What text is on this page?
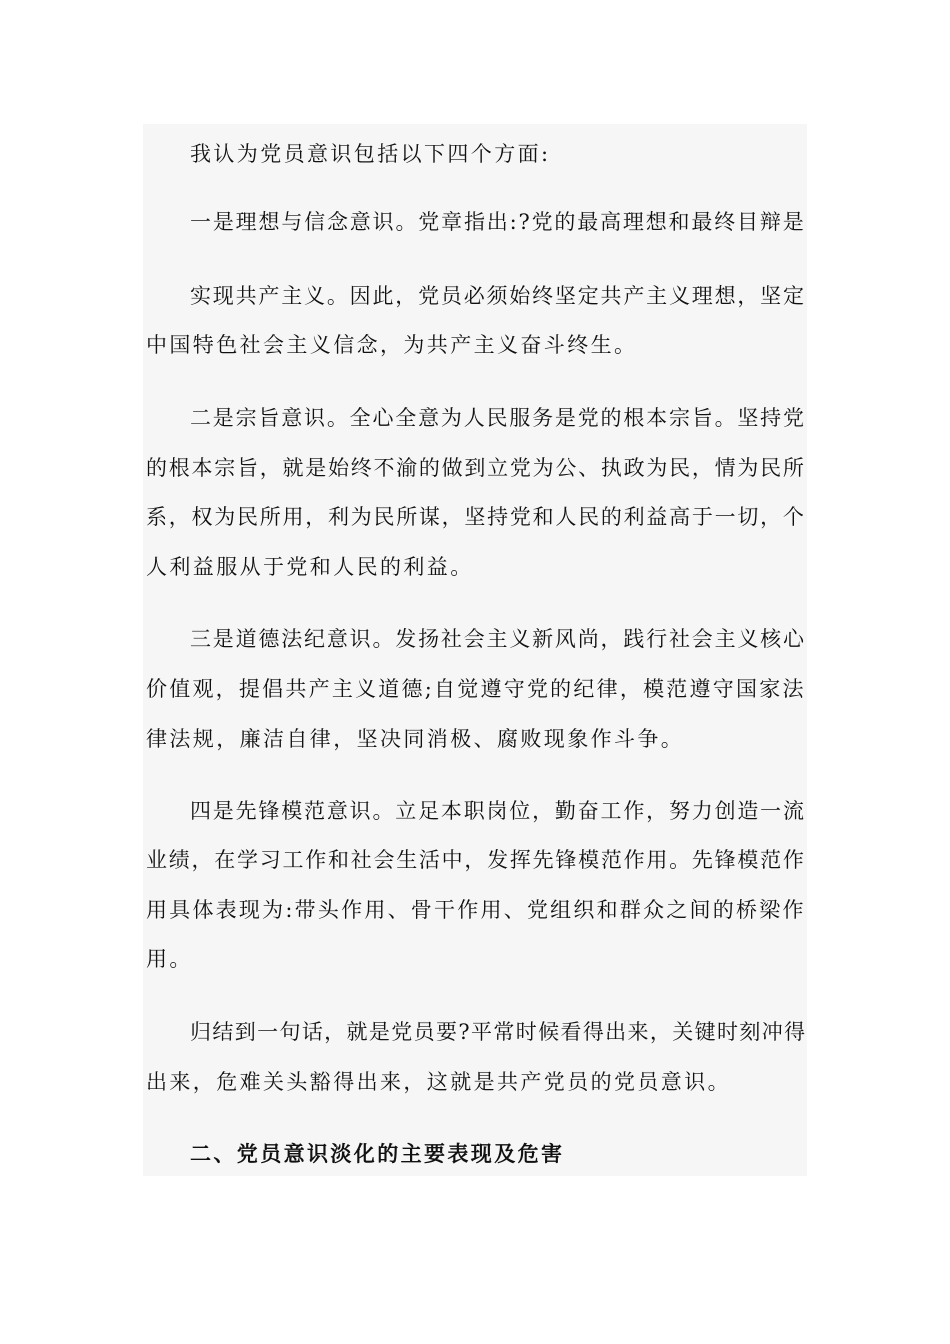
我认为党员意识包括以下四个方面:
一是理想与信念意识。党章指出:?党的最高理想和最终目辩是
实现共产主义。因此，党员必须始终坚定共产主义理想，坚定
中国特色社会主义信念，为共产主义奋斗终生。
二是宗旨意识。全心全意为人民服务是党的根本宗旨。坚持党
的根本宗旨，就是始终不渝的做到立党为公、执政为民，情为民所
系，权为民所用，利为民所谋，坚持党和人民的利益高于一切，个
人利益服从于党和人民的利益。
三是道德法纪意识。发扬社会主义新风尚，践行社会主义核心
价值观，提倡共产主义道德;自觉遵守党的纪律，模范遵守国家法
律法规，廉洁自律，坚决同消极、腐败现象作斗争。
四是先锋模范意识。立足本职岗位，勤奋工作，努力创造一流
业绩，在学习工作和社会生活中，发挥先锋模范作用。先锋模范作
用具体表现为:带头作用、骨干作用、党组织和群众之间的桥梁作
用。
归结到一句话，就是党员要?平常时候看得出来，关键时刻冲得
出来，危难关头豁得出来，这就是共产党员的党员意识。
二、党员意识淡化的主要表现及危害
